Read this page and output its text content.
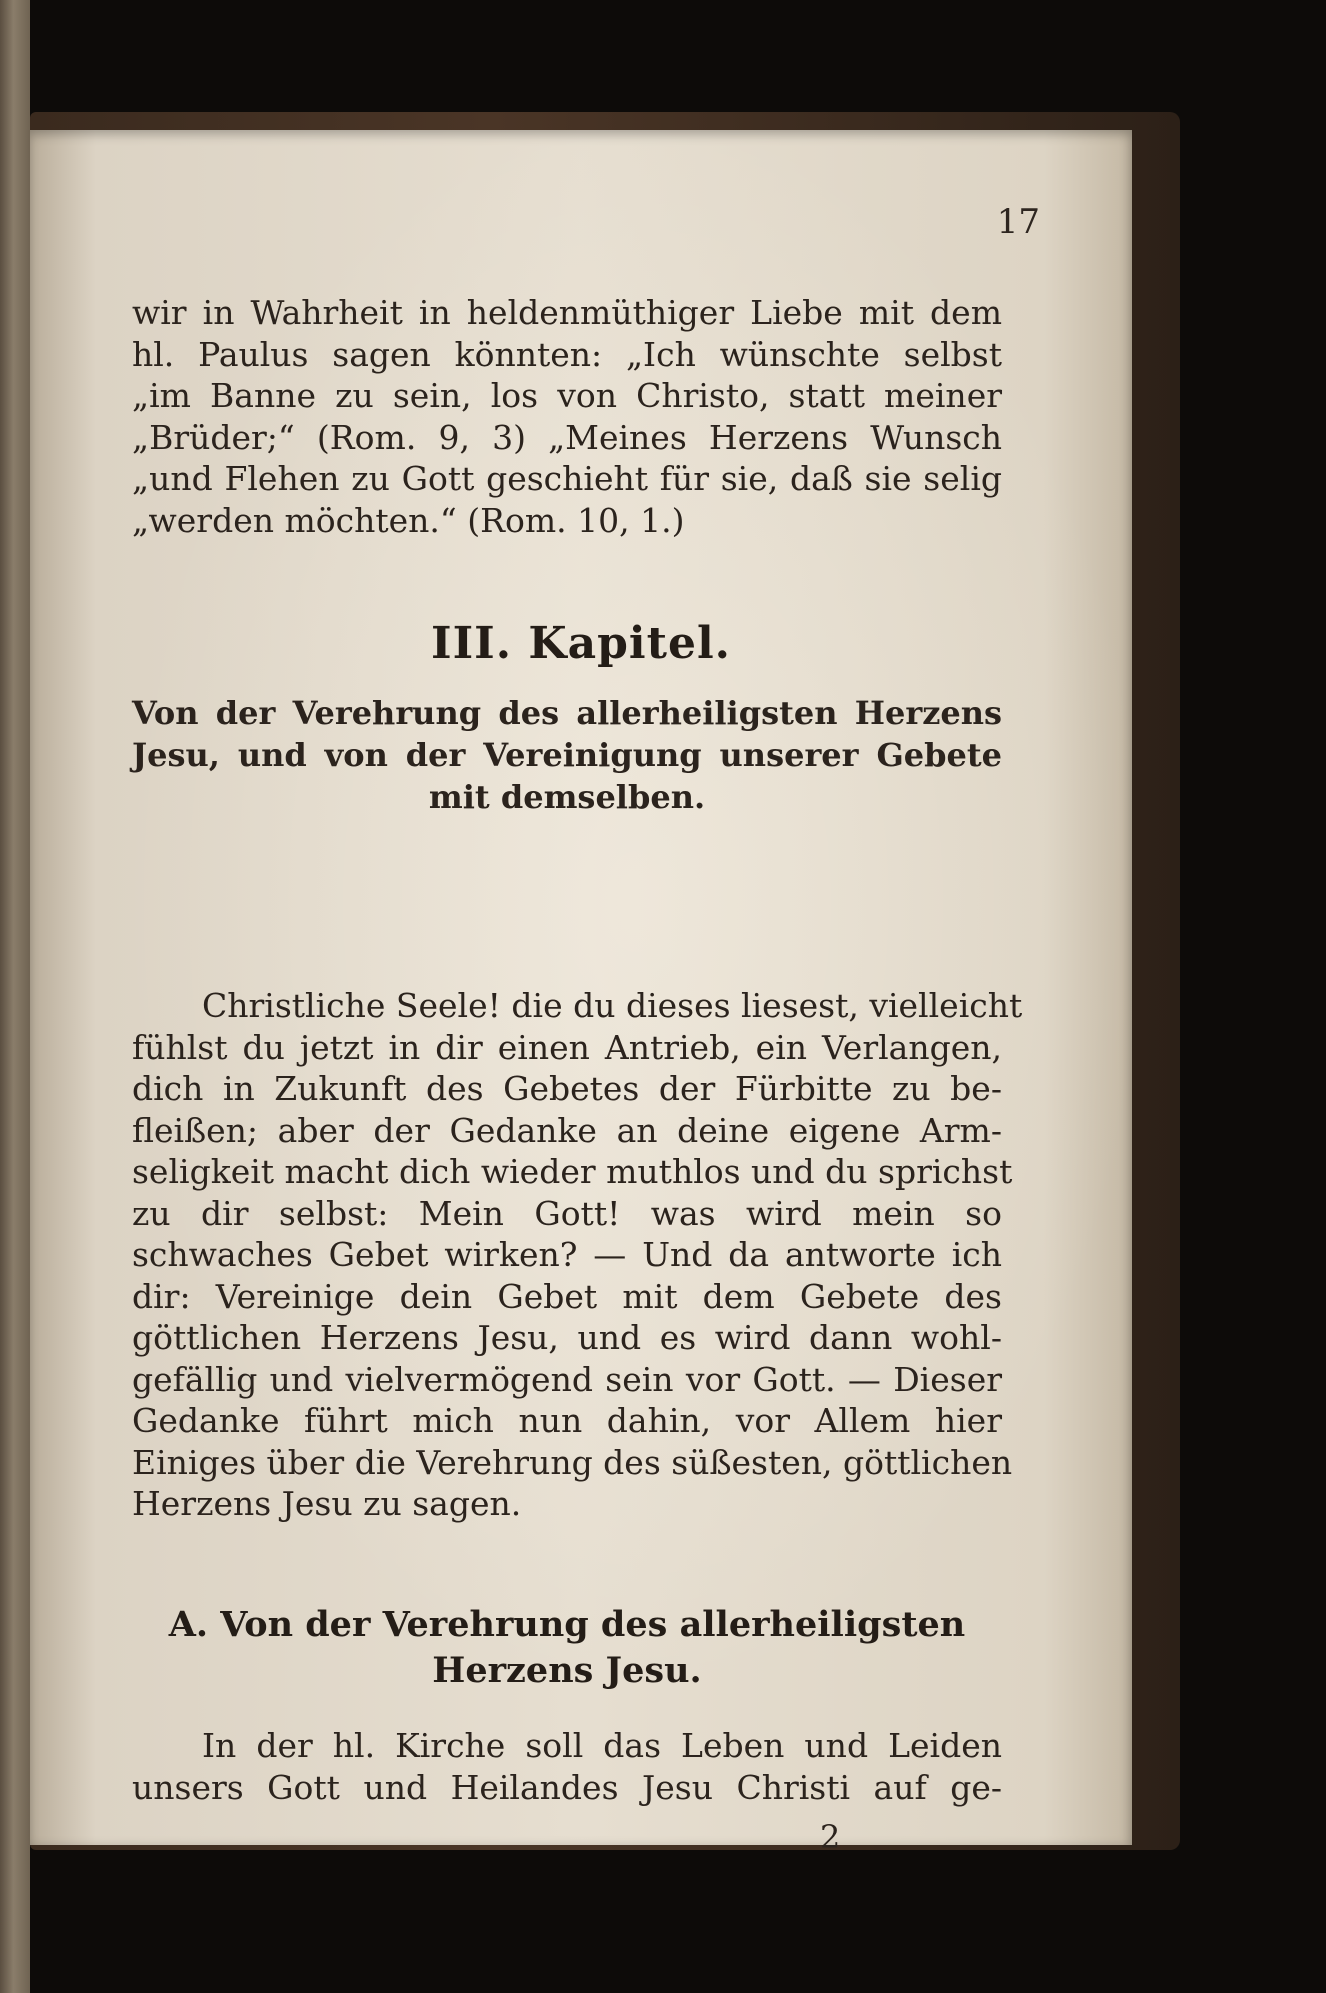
17
wir in Wahrheit in heldenmüthiger Liebe mit dem
hl. Paulus sagen könnten: „Ich wünschte selbst
„im Banne zu sein, los von Christo, statt meiner
„Brüder;“ (Rom. 9, 3) „Meines Herzens Wunsch
„und Flehen zu Gott geschieht für sie, daß sie selig
„werden möchten.“ (Rom. 10, 1.)
III. Kapitel.
Von der Verehrung des allerheiligsten Herzens
Jesu, und von der Vereinigung unserer Gebete
mit demselben.
Christliche Seele! die du dieses liesest, vielleicht
fühlst du jetzt in dir einen Antrieb, ein Verlangen,
dich in Zukunft des Gebetes der Fürbitte zu be-
fleißen; aber der Gedanke an deine eigene Arm-
seligkeit macht dich wieder muthlos und du sprichst
zu dir selbst: Mein Gott! was wird mein so
schwaches Gebet wirken? — Und da antworte ich
dir: Vereinige dein Gebet mit dem Gebete des
göttlichen Herzens Jesu, und es wird dann wohl-
gefällig und vielvermögend sein vor Gott. — Dieser
Gedanke führt mich nun dahin, vor Allem hier
Einiges über die Verehrung des süßesten, göttlichen
Herzens Jesu zu sagen.
A. Von der Verehrung des allerheiligsten
Herzens Jesu.
In der hl. Kirche soll das Leben und Leiden
unsers Gott und Heilandes Jesu Christi auf ge-
2
